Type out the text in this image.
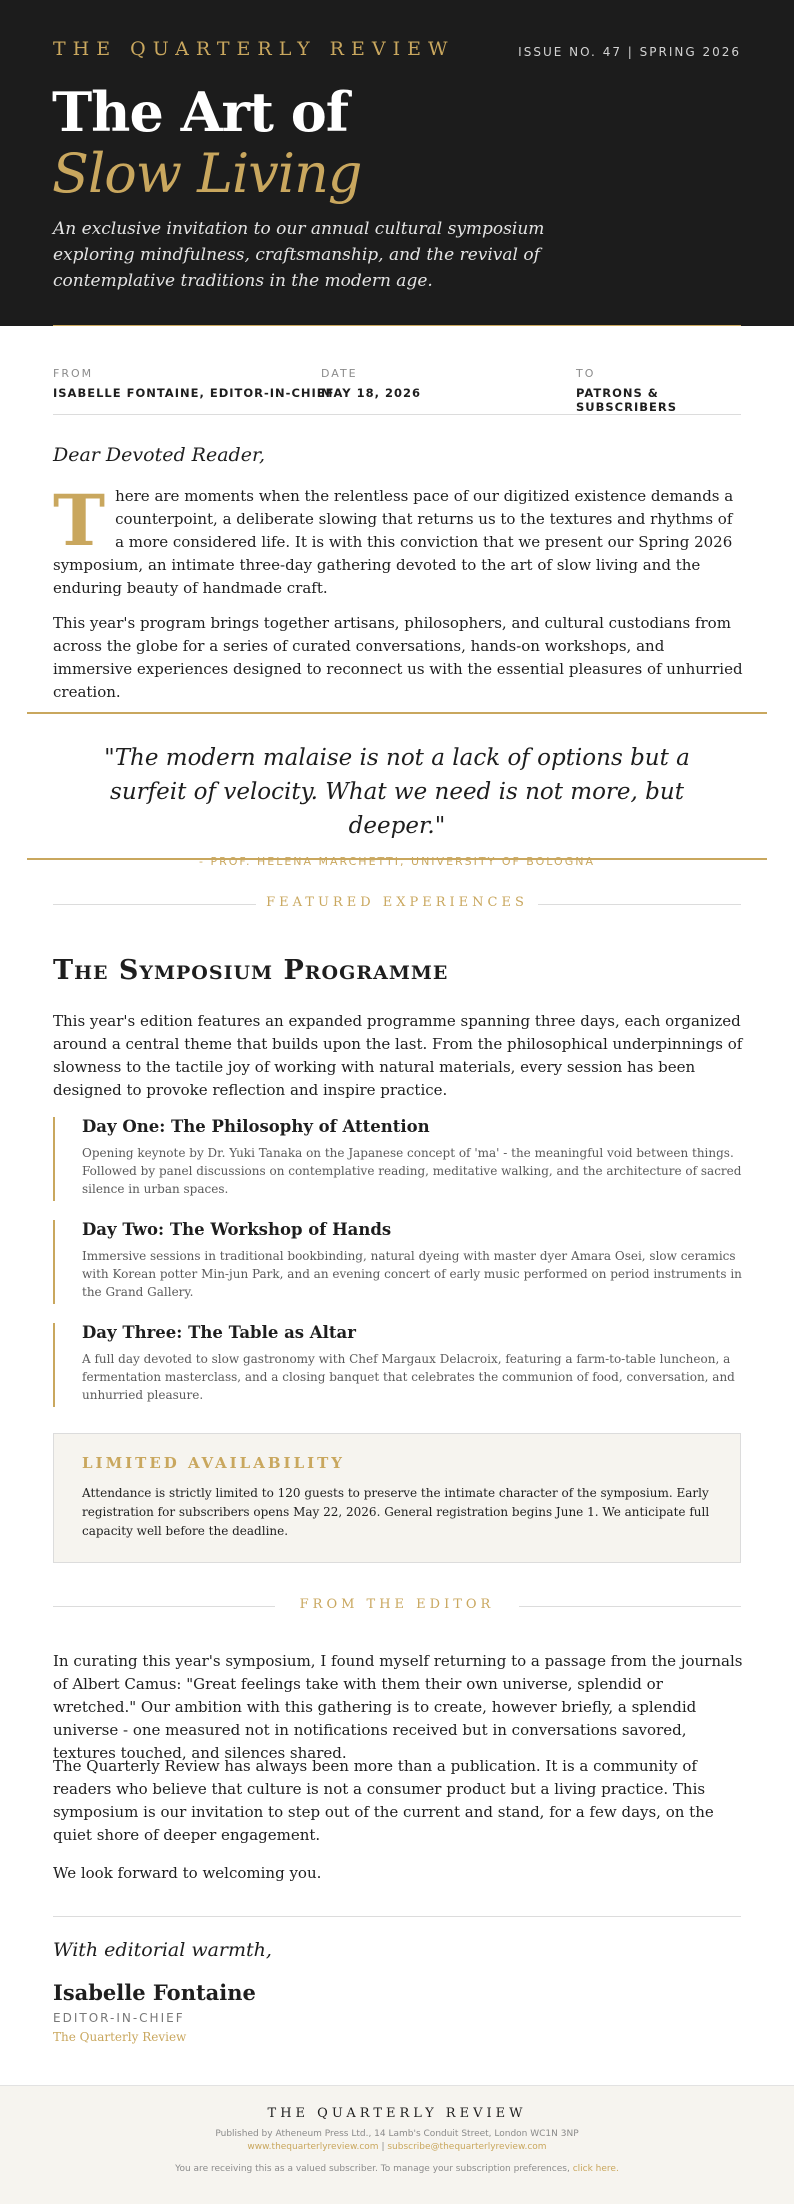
THE QUARTERLY REVIEW	ISSUE NO. 47 | SPRING 2026
The Art of
Slow Living

An exclusive invitation to our annual cultural symposium exploring mindfulness, craftsmanship, and the revival of contemplative traditions in the modern age.

FROM
ISABELLE FONTAINE, EDITOR-IN-CHIEF
DATE
MAY 18, 2026
TO
PATRONS & SUBSCRIBERS
Dear Devoted Reader,

There are moments when the relentless pace of our digitized existence demands a counterpoint, a deliberate slowing that returns us to the textures and rhythms of a more considered life. It is with this conviction that we present our Spring 2026 symposium, an intimate three-day gathering devoted to the art of slow living and the enduring beauty of handmade craft.

This year's program brings together artisans, philosophers, and cultural custodians from across the globe for a series of curated conversations, hands-on workshops, and immersive experiences designed to reconnect us with the essential pleasures of unhurried creation.

"The modern malaise is not a lack of options but a surfeit of velocity. What we need is not more, but deeper."
- PROF. HELENA MARCHETTI, UNIVERSITY OF BOLOGNA
FEATURED EXPERIENCES
The Symposium Programme

This year's edition features an expanded programme spanning three days, each organized around a central theme that builds upon the last. From the philosophical underpinnings of slowness to the tactile joy of working with natural materials, every session has been designed to provoke reflection and inspire practice.

Day One: The Philosophy of Attention
Opening keynote by Dr. Yuki Tanaka on the Japanese concept of 'ma' - the meaningful void between things. Followed by panel discussions on contemplative reading, meditative walking, and the architecture of sacred silence in urban spaces.
Day Two: The Workshop of Hands
Immersive sessions in traditional bookbinding, natural dyeing with master dyer Amara Osei, slow ceramics with Korean potter Min-jun Park, and an evening concert of early music performed on period instruments in the Grand Gallery.
Day Three: The Table as Altar
A full day devoted to slow gastronomy with Chef Margaux Delacroix, featuring a farm-to-table luncheon, a fermentation masterclass, and a closing banquet that celebrates the communion of food, conversation, and unhurried pleasure.
LIMITED AVAILABILITY
Attendance is strictly limited to 120 guests to preserve the intimate character of the symposium. Early registration for subscribers opens May 22, 2026. General registration begins June 1. We anticipate full capacity well before the deadline.
FROM THE EDITOR

In curating this year's symposium, I found myself returning to a passage from the journals of Albert Camus: "Great feelings take with them their own universe, splendid or wretched." Our ambition with this gathering is to create, however briefly, a splendid universe - one measured not in notifications received but in conversations savored, textures touched, and silences shared.

The Quarterly Review has always been more than a publication. It is a community of readers who believe that culture is not a consumer product but a living practice. This symposium is our invitation to step out of the current and stand, for a few days, on the quiet shore of deeper engagement.

We look forward to welcoming you.

With editorial warmth,
Isabelle Fontaine
EDITOR-IN-CHIEF
The Quarterly Review
THE QUARTERLY REVIEW
Published by Atheneum Press Ltd., 14 Lamb's Conduit Street, London WC1N 3NP
www.thequarterlyreview.com | subscribe@thequarterlyreview.com
You are receiving this as a valued subscriber. To manage your subscription preferences, click here.
